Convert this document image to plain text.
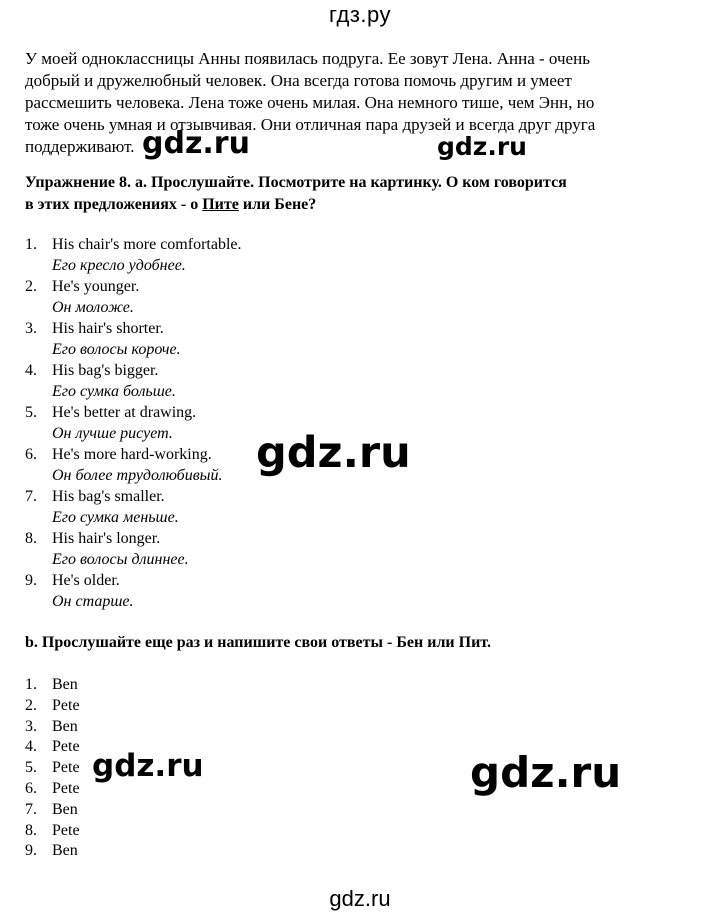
гдз.ру
У моей одноклассницы Анны появилась подруга. Ее зовут Лена. Анна - очень
добрый и дружелюбный человек. Она всегда готова помочь другим и умеет
рассмешить человека. Лена тоже очень милая. Она немного тише, чем Энн, но
тоже очень умная и отзывчивая. Они отличная пара друзей и всегда друг друга
поддерживают.
Упражнение 8. а. Прослушайте. Посмотрите на картинку. О ком говорится
в этих предложениях - о Пите или Бене?
1. His chair's more comfortable.
Его кресло удобнее.
2. He's younger.
Он моложе.
3. His hair's shorter.
Его волосы короче.
4. His bag's bigger.
Его сумка больше.
5. He's better at drawing.
Он лучше рисует.
6. He's more hard-working.
Он более трудолюбивый.
7. His bag's smaller.
Его сумка меньше.
8. His hair's longer.
Его волосы длиннее.
9. He's older.
Он старше.
b. Прослушайте еще раз и напишите свои ответы - Бен или Пит.
1. Ben
2. Pete
3. Ben
4. Pete
5. Pete
6. Pete
7. Ben
8. Pete
9. Ben
gdz.ru	gdz.ru
gdz.ru
gdz.ru	gdz.ru
gdz.ru
